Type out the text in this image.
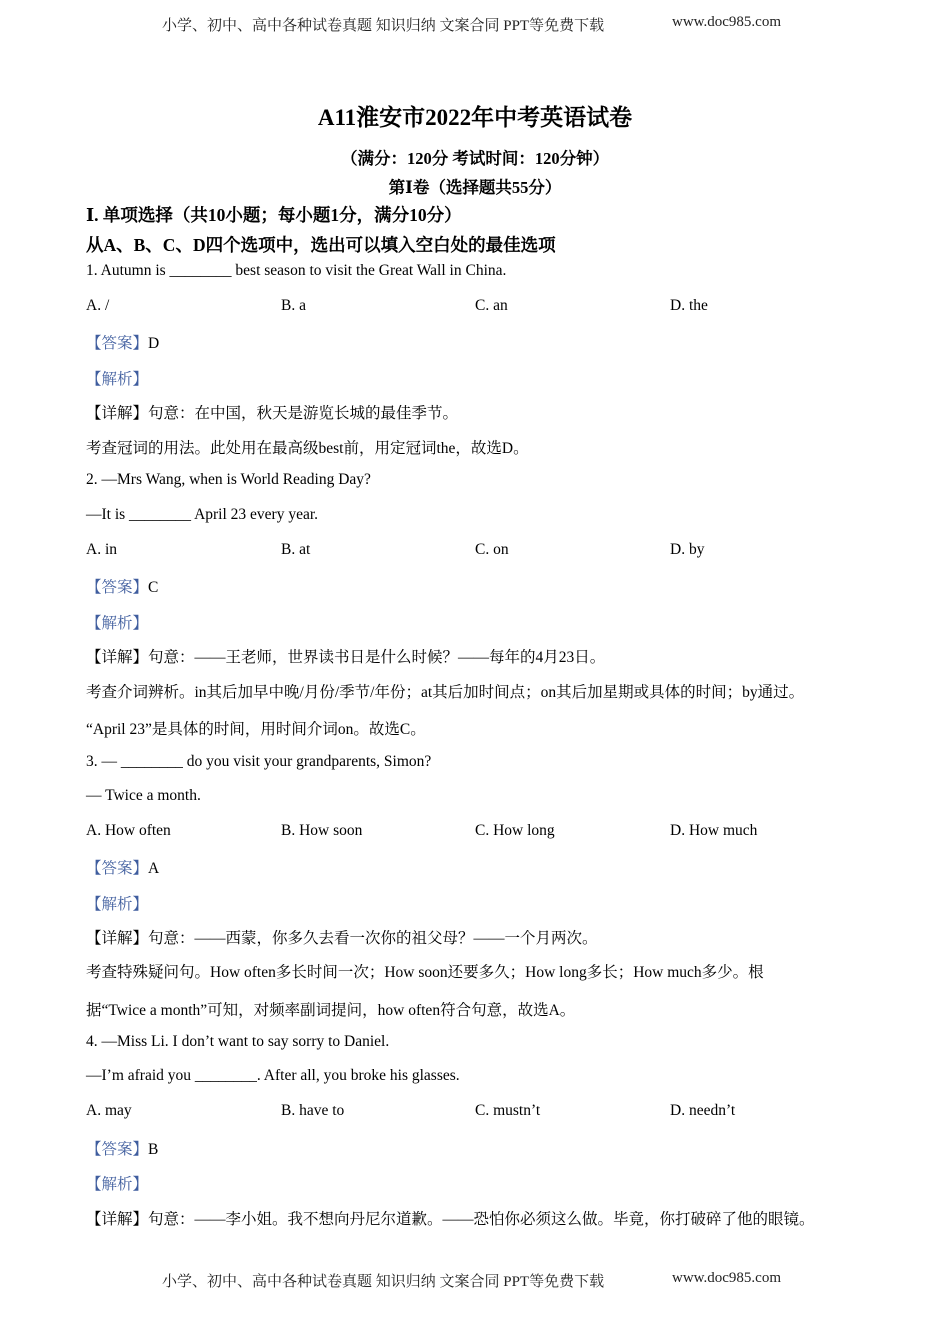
小学、初中、高中各种试卷真题 知识归纳 文案合同 PPT等免费下载	www.doc985.com
A11淮安市2022年中考英语试卷
（满分：120分 考试时间：120分钟）
第Ⅰ卷（选择题共55分）
Ⅰ. 单项选择（共10小题；每小题1分，满分10分）
从A、B、C、D四个选项中，选出可以填入空白处的最佳选项
1. Autumn is ________ best season to visit the Great Wall in China.
A. /	B. a	C. an	D. the
【答案】D
【解析】
【详解】句意：在中国，秋天是游览长城的最佳季节。
考查冠词的用法。此处用在最高级best前，用定冠词the，故选D。
2. —Mrs Wang, when is World Reading Day?
—It is ________ April 23 every year.
A. in	B. at	C. on	D. by
【答案】C
【解析】
【详解】句意：——王老师，世界读书日是什么时候？——每年的4月23日。
考查介词辨析。in其后加早中晚/月份/季节/年份；at其后加时间点；on其后加星期或具体的时间；by通过。
“April 23”是具体的时间，用时间介词on。故选C。
3. — ________ do you visit your grandparents, Simon?
— Twice a month.
A. How often	B. How soon	C. How long	D. How much
【答案】A
【解析】
【详解】句意：——西蒙，你多久去看一次你的祖父母？——一个月两次。
考查特殊疑问句。How often多长时间一次；How soon还要多久；How long多长；How much多少。根
据“Twice a month”可知，对频率副词提问，how often符合句意，故选A。
4. —Miss Li. I don’t want to say sorry to Daniel.
—I’m afraid you ________. After all, you broke his glasses.
A. may	B. have to	C. mustn’t	D. needn’t
【答案】B
【解析】
【详解】句意：——李小姐。我不想向丹尼尔道歉。——恐怕你必须这么做。毕竟，你打破碎了他的眼镜。
小学、初中、高中各种试卷真题 知识归纳 文案合同 PPT等免费下载	www.doc985.com
